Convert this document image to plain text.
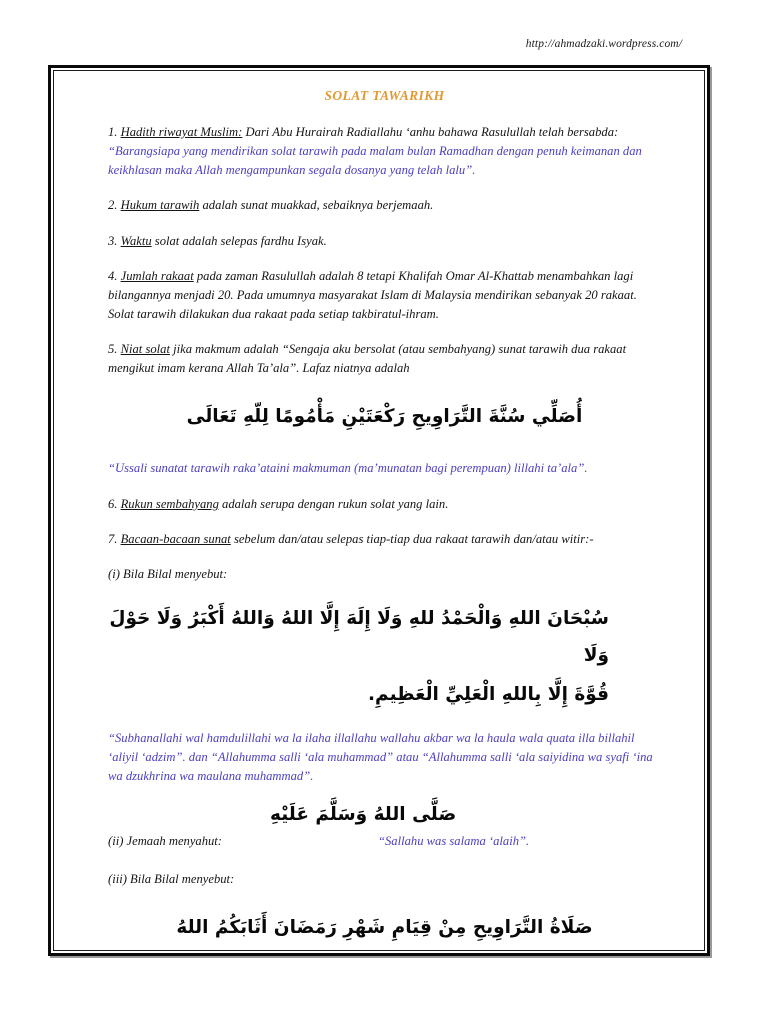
http://ahmadzaki.wordpress.com/
SOLAT TAWARIKH

1. Hadith riwayat Muslim: Dari Abu Hurairah Radiallahu ‘anhu bahawa Rasulullah telah bersabda:
“Barangsiapa yang mendirikan solat tarawih pada malam bulan Ramadhan dengan penuh keimanan dan keikhlasan maka Allah mengampunkan segala dosanya yang telah lalu”.

2. Hukum tarawih adalah sunat muakkad, sebaiknya berjemaah.

3. Waktu solat adalah selepas fardhu Isyak.

4. Jumlah rakaat pada zaman Rasulullah adalah 8 tetapi Khalifah Omar Al-Khattab menambahkan lagi bilangannya menjadi 20. Pada umumnya masyarakat Islam di Malaysia mendirikan sebanyak 20 rakaat. Solat tarawih dilakukan dua rakaat pada setiap takbiratul-ihram.

5. Niat solat jika makmum adalah “Sengaja aku bersolat (atau sembahyang) sunat tarawih dua rakaat mengikut imam kerana Allah Ta’ala”. Lafaz niatnya adalah

أُصَلِّي سُنَّةَ التَّرَاوِيحِ رَكْعَتَيْنِ مَأْمُومًا لِلّهِ تَعَالَى

“Ussali sunatat tarawih raka’ataini makmuman (ma’munatan bagi perempuan) lillahi ta’ala”.

6. Rukun sembahyang adalah serupa dengan rukun solat yang lain.

7. Bacaan-bacaan sunat sebelum dan/atau selepas tiap-tiap dua rakaat tarawih dan/atau witir:-

(i) Bila Bilal menyebut:

سُبْحَانَ اللهِ وَالْحَمْدُ للهِ وَلَا إِلَهَ إِلَّا اللهُ وَاللهُ أَكْبَرُ وَلَا حَوْلَ وَلَا
قُوَّةَ إِلَّا بِاللهِ الْعَلِيِّ الْعَظِيمِ.

“Subhanallahi wal hamdulillahi wa la ilaha illallahu wallahu akbar wa la haula wala quata illa billahil ‘aliyil ‘adzim”. dan “Allahumma salli ‘ala muhammad” atau “Allahumma salli ‘ala saiyidina wa syafi ‘ina wa dzukhrina wa maulana muhammad”.

صَلَّى اللهُ وَسَلَّمَ عَلَيْهِ
(ii) Jemaah menyahut:	“Sallahu was salama ‘alaih”.

(iii) Bila Bilal menyebut:

صَلَاةُ التَّرَاوِيحِ مِنْ قِيَامِ شَهْرِ رَمَضَانَ أَثَابَكُمُ اللهُ
